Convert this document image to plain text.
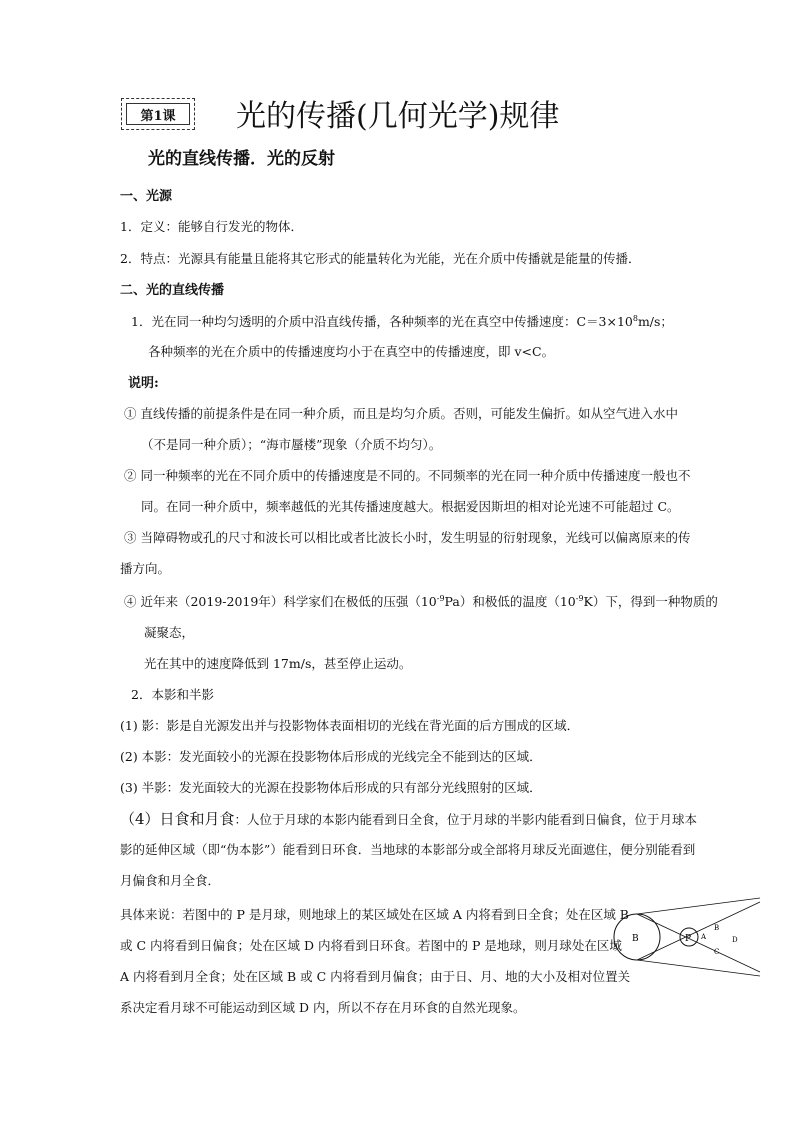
第1课	光的传播(几何光学)规律
光的直线传播．光的反射
一、光源
1．定义：能够自行发光的物体．
2．特点：光源具有能量且能将其它形式的能量转化为光能，光在介质中传播就是能量的传播．
二、光的直线传播
1．光在同一种均匀透明的介质中沿直线传播，各种频率的光在真空中传播速度：$C=3\times 10^8m/s$；
各种频率的光在介质中的传播速度均小于在真空中的传播速度，即 v<C。
说明:
① 直线传播的前提条件是在同一种介质，而且是均匀介质。否则，可能发生偏折。如从空气进入水中
（不是同一种介质）；“海市蜃楼”现象（介质不均匀）。
② 同一种频率的光在不同介质中的传播速度是不同的。不同频率的光在同一种介质中传播速度一般也不
同。在同一种介质中，频率越低的光其传播速度越大。根据爱因斯坦的相对论光速不可能超过 C。
③ 当障碍物或孔的尺寸和波长可以相比或者比波长小时，发生明显的衍射现象，光线可以偏离原来的传
播方向。
④ 近年来（2019-2019年）科学家们在极低的压强$(10^{-9}Pa)$和极低的温度$(10^{-9}K)$下，得到一种物质的
凝聚态，
光在其中的速度降低到 17m/s，甚至停止运动。
2．本影和半影
(1) 影：影是自光源发出并与投影物体表面相切的光线在背光面的后方围成的区域．
(2) 本影：发光面较小的光源在投影物体后形成的光线完全不能到达的区域．
(3) 半影：发光面较大的光源在投影物体后形成的只有部分光线照射的区域．
（4）日食和月食：人位于月球的本影内能看到日全食，位于月球的半影内能看到日偏食，位于月球本
影的延伸区域（即“伪本影”）能看到日环食．当地球的本影部分或全部将月球反光面遮住，便分别能看到
月偏食和月全食．
具体来说：若图中的 P 是月球，则地球上的某区域处在区域 A 内将看到日全食；处在区域 B
或 C 内将看到日偏食；处在区域 D 内将看到日环食。若图中的 P 是地球，则月球处在区域
A 内将看到月全食；处在区域 B 或 C 内将看到月偏食；由于日、月、地的大小及相对位置关
系决定看月球不可能运动到区域 D 内，所以不存在月环食的自然光现象。
B	P A
B
C
D
